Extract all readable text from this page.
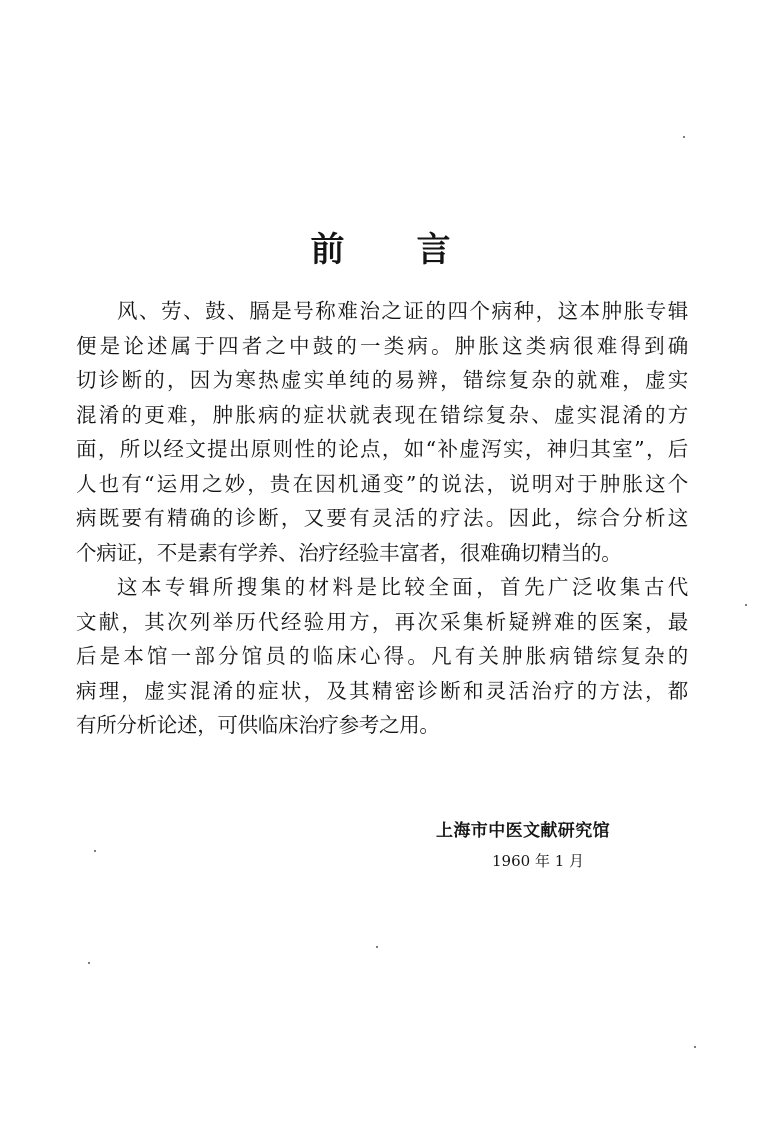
前 言
风、劳、鼓、膈是号称难治之证的四个病种，这本肿胀专辑
便是论述属于四者之中鼓的一类病。肿胀这类病很难得到确
切诊断的，因为寒热虚实单纯的易辨，错综复杂的就难，虚实
混淆的更难，肿胀病的症状就表现在错综复杂、虚实混淆的方
面，所以经文提出原则性的论点，如“补虚泻实，神归其室”，后
人也有“运用之妙，贵在因机通变”的说法，说明对于肿胀这个
病既要有精确的诊断，又要有灵活的疗法。因此，综合分析这
个病证，不是素有学养、治疗经验丰富者，很难确切精当的。
这本专辑所搜集的材料是比较全面，首先广泛收集古代
文献，其次列举历代经验用方，再次采集析疑辨难的医案，最
后是本馆一部分馆员的临床心得。凡有关肿胀病错综复杂的
病理，虚实混淆的症状，及其精密诊断和灵活治疗的方法，都
有所分析论述，可供临床治疗参考之用。
上海市中医文献研究馆
1960 年 1 月
